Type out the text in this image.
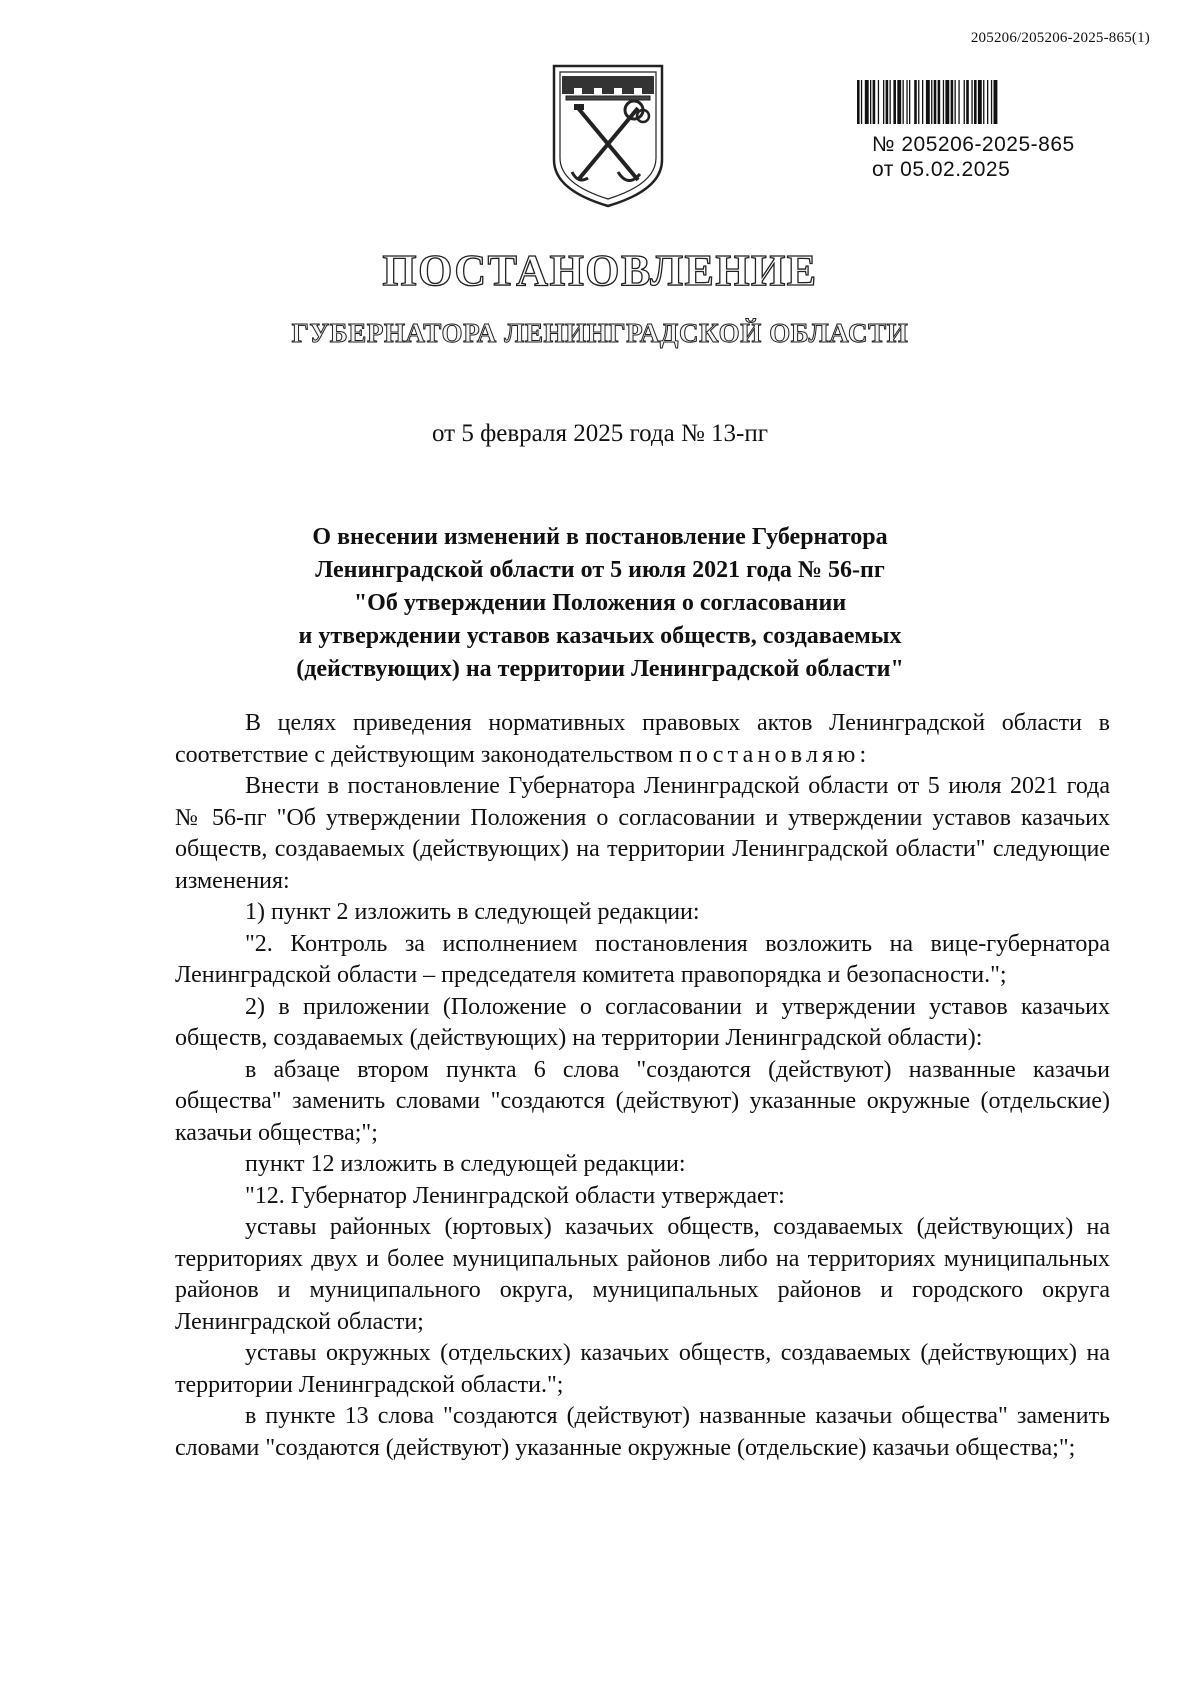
205206/205206-2025-865(1)
№ 205206-2025-865
от 05.02.2025
ПОСТАНОВЛЕНИЕ
ГУБЕРНАТОРА ЛЕНИНГРАДСКОЙ ОБЛАСТИ
от 5 февраля 2025 года № 13-пг
О внесении изменений в постановление Губернатора
Ленинградской области от 5 июля 2021 года № 56-пг
"Об утверждении Положения о согласовании
и утверждении уставов казачьих обществ, создаваемых
(действующих) на территории Ленинградской области"

В целях приведения нормативных правовых актов Ленинградской области в соответствие с действующим законодательством постановляю:

Внести в постановление Губернатора Ленинградской области от 5 июля 2021 года № 56-пг "Об утверждении Положения о согласовании и утверждении уставов казачьих обществ, создаваемых (действующих) на территории Ленинградской области" следующие изменения:

1) пункт 2 изложить в следующей редакции:

"2. Контроль за исполнением постановления возложить на вице-губернатора Ленинградской области – председателя комитета правопорядка и безопасности.";

2) в приложении (Положение о согласовании и утверждении уставов казачьих обществ, создаваемых (действующих) на территории Ленинградской области):

в абзаце втором пункта 6 слова "создаются (действуют) названные казачьи общества" заменить словами "создаются (действуют) указанные окружные (отдельские) казачьи общества;";

пункт 12 изложить в следующей редакции:

"12. Губернатор Ленинградской области утверждает:

уставы районных (юртовых) казачьих обществ, создаваемых (действующих) на территориях двух и более муниципальных районов либо на территориях муниципальных районов и муниципального округа, муниципальных районов и городского округа Ленинградской области;

уставы окружных (отдельских) казачьих обществ, создаваемых (действующих) на территории Ленинградской области.";

в пункте 13 слова "создаются (действуют) названные казачьи общества" заменить словами "создаются (действуют) указанные окружные (отдельские) казачьи общества;";
